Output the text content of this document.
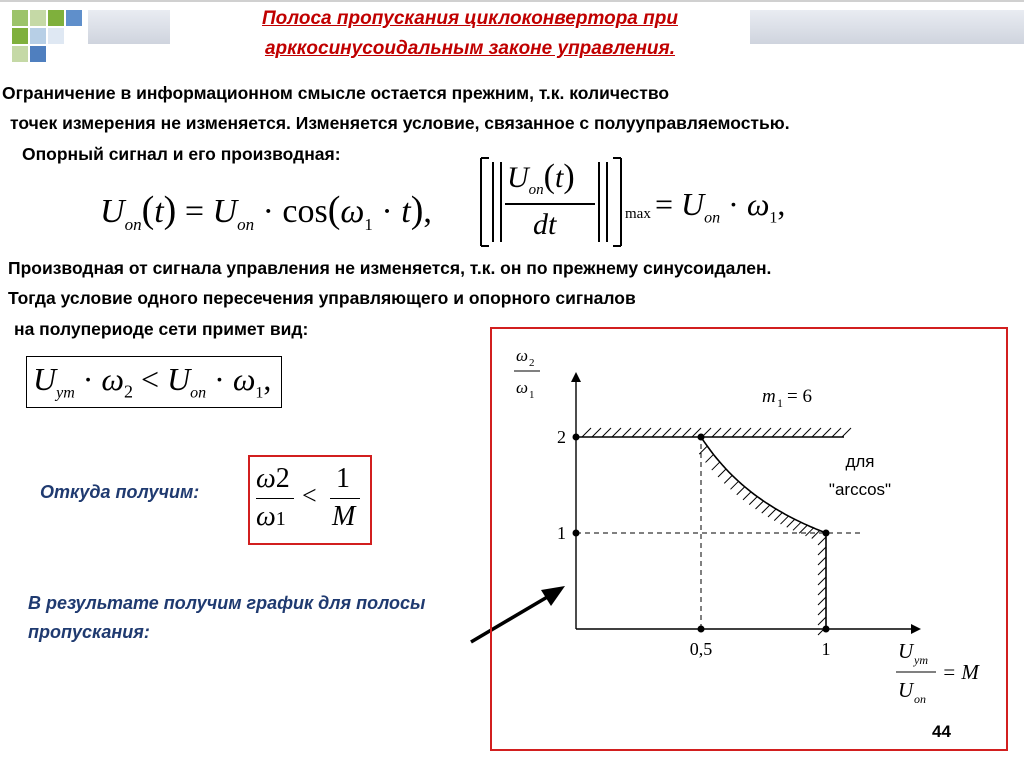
Полоса пропускания циклоконвертора при
арккосинусоидальным законе управления.
Ограничение в информационном смысле остается прежним, т.к. количество
точек измерения не изменяется. Изменяется условие, связанное с полууправляемостью.
Опорный сигнал и его производная:
$U_{on}(t) = U_{on} \cdot \cos(\omega_1 \cdot t)$,
$U_{on}(t)$
dt	$\max = U_{on} \cdot \omega_1$,
Производная от сигнала управления не изменяется, т.к. он по прежнему синусоидален.
Тогда условие одного пересечения управляющего и опорного сигналов
на полупериоде сети примет вид:
$U_{ym} \cdot \omega_2 < U_{on} \cdot \omega_1$,
Откуда получим: ω2
ω1
<
1
M
В результате получим график для полосы
пропускания:
0,5	1
2
1
ω 2
ω 1
U ут
U оп
= M
m 1 = 6
для
"arccos"
44
